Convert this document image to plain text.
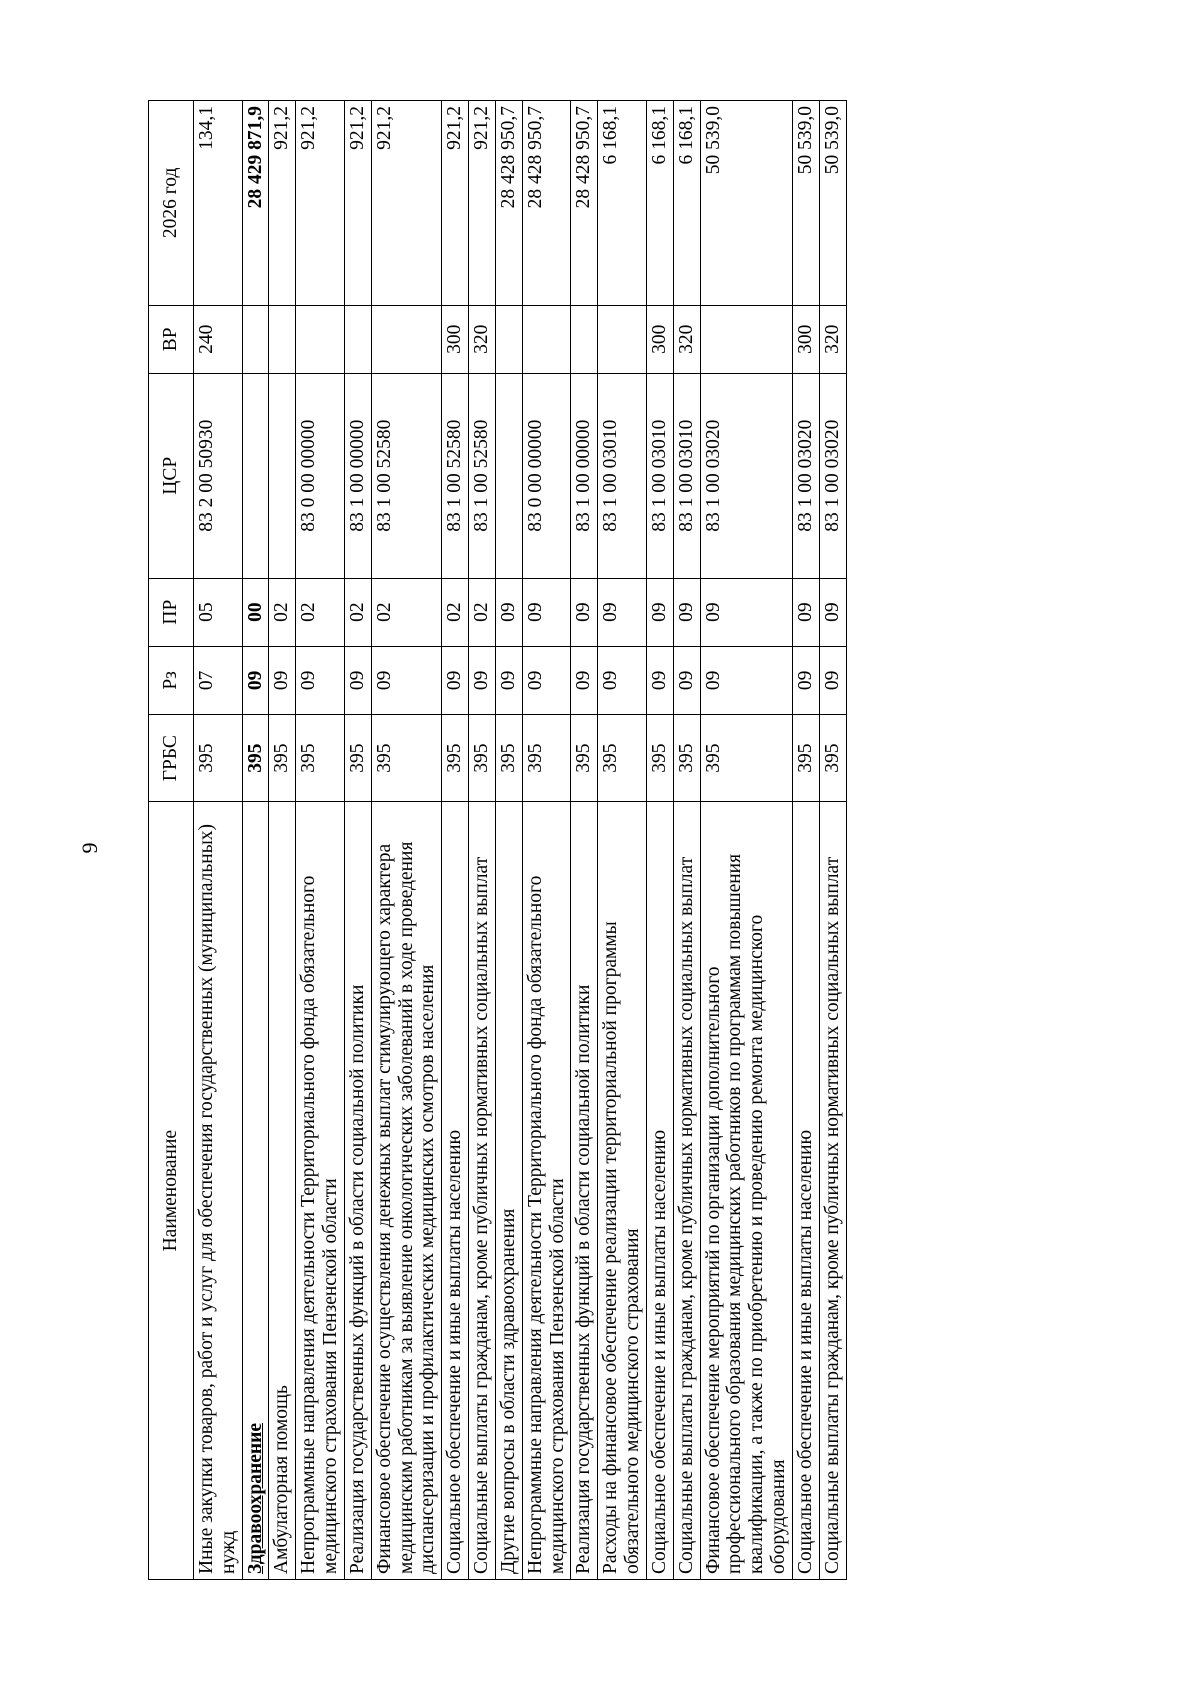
9
Наименование	ГРБС	Рз	ПР	ЦСР	ВР	2026 год
Иные закупки товаров, работ и услуг для обеспечения государственных (муниципальных) нужд	395	07	05	83 2 00 50930	240	134,1
Здравоохранение	395	09	00			28 429 871,9
Амбулаторная помощь	395	09	02			921,2
Непрограммные направления деятельности Территориального фонда обязательного медицинского страхования Пензенской области	395	09	02	83 0 00 00000		921,2
Реализация государственных функций в области социальной политики	395	09	02	83 1 00 00000		921,2
Финансовое обеспечение осуществления денежных выплат стимулирующего характера медицинским работникам за выявление онкологических заболеваний в ходе проведения диспансеризации и профилактических медицинских осмотров населения	395	09	02	83 1 00 52580		921,2
Социальное обеспечение и иные выплаты населению	395	09	02	83 1 00 52580	300	921,2
Социальные выплаты гражданам, кроме публичных нормативных социальных выплат	395	09	02	83 1 00 52580	320	921,2
Другие вопросы в области здравоохранения	395	09	09			28 428 950,7
Непрограммные направления деятельности Территориального фонда обязательного медицинского страхования Пензенской области	395	09	09	83 0 00 00000		28 428 950,7
Реализация государственных функций в области социальной политики	395	09	09	83 1 00 00000		28 428 950,7
Расходы на финансовое обеспечение реализации территориальной программы обязательного медицинского страхования	395	09	09	83 1 00 03010		6 168,1
Социальное обеспечение и иные выплаты населению	395	09	09	83 1 00 03010	300	6 168,1
Социальные выплаты гражданам, кроме публичных нормативных социальных выплат	395	09	09	83 1 00 03010	320	6 168,1
Финансовое обеспечение мероприятий по организации дополнительного профессионального образования медицинских работников по программам повышения квалификации, а также по приобретению и проведению ремонта медицинского оборудования	395	09	09	83 1 00 03020		50 539,0
Социальное обеспечение и иные выплаты населению	395	09	09	83 1 00 03020	300	50 539,0
Социальные выплаты гражданам, кроме публичных нормативных социальных выплат	395	09	09	83 1 00 03020	320	50 539,0
